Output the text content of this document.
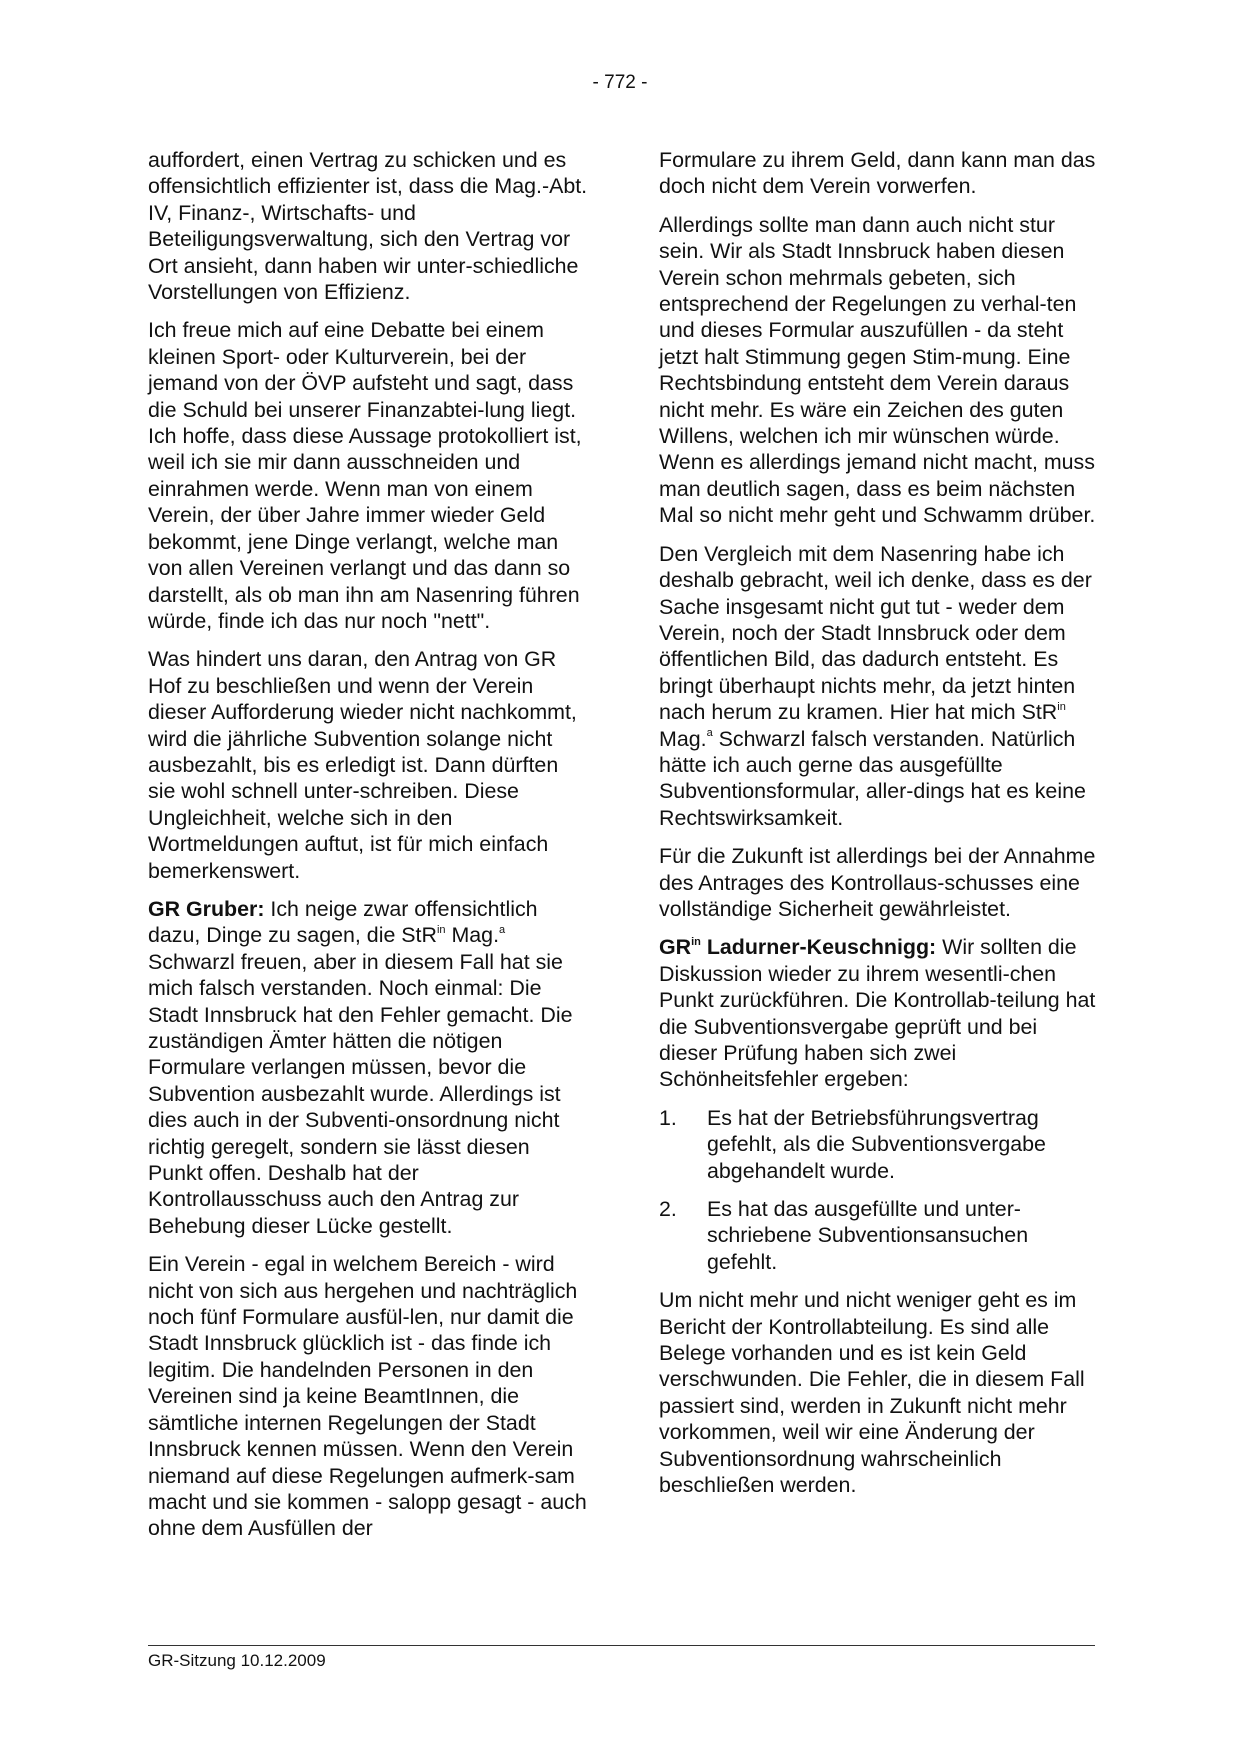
- 772 -

auffordert, einen Vertrag zu schicken und es offensichtlich effizienter ist, dass die Mag.-Abt. IV, Finanz-, Wirtschafts- und Beteiligungsverwaltung, sich den Vertrag vor Ort ansieht, dann haben wir unter-schiedliche Vorstellungen von Effizienz.

Ich freue mich auf eine Debatte bei einem kleinen Sport- oder Kulturverein, bei der jemand von der ÖVP aufsteht und sagt, dass die Schuld bei unserer Finanzabtei-lung liegt. Ich hoffe, dass diese Aussage protokolliert ist, weil ich sie mir dann ausschneiden und einrahmen werde. Wenn man von einem Verein, der über Jahre immer wieder Geld bekommt, jene Dinge verlangt, welche man von allen Vereinen verlangt und das dann so darstellt, als ob man ihn am Nasenring führen würde, finde ich das nur noch "nett".

Was hindert uns daran, den Antrag von GR Hof zu beschließen und wenn der Verein dieser Aufforderung wieder nicht nachkommt, wird die jährliche Subvention solange nicht ausbezahlt, bis es erledigt ist. Dann dürften sie wohl schnell unter-schreiben. Diese Ungleichheit, welche sich in den Wortmeldungen auftut, ist für mich einfach bemerkenswert.

GR Gruber: Ich neige zwar offensichtlich dazu, Dinge zu sagen, die StR$^{in}$ Mag.$^a$ Schwarzl freuen, aber in diesem Fall hat sie mich falsch verstanden. Noch einmal: Die Stadt Innsbruck hat den Fehler gemacht. Die zuständigen Ämter hätten die nötigen Formulare verlangen müssen, bevor die Subvention ausbezahlt wurde. Allerdings ist dies auch in der Subventi-onsordnung nicht richtig geregelt, sondern sie lässt diesen Punkt offen. Deshalb hat der Kontrollausschuss auch den Antrag zur Behebung dieser Lücke gestellt.

Ein Verein - egal in welchem Bereich - wird nicht von sich aus hergehen und nachträglich noch fünf Formulare ausfül-len, nur damit die Stadt Innsbruck glücklich ist - das finde ich legitim. Die handelnden Personen in den Vereinen sind ja keine BeamtInnen, die sämtliche internen Regelungen der Stadt Innsbruck kennen müssen. Wenn den Verein niemand auf diese Regelungen aufmerk-sam macht und sie kommen - salopp gesagt - auch ohne dem Ausfüllen der

Formulare zu ihrem Geld, dann kann man das doch nicht dem Verein vorwerfen.

Allerdings sollte man dann auch nicht stur sein. Wir als Stadt Innsbruck haben diesen Verein schon mehrmals gebeten, sich entsprechend der Regelungen zu verhal-ten und dieses Formular auszufüllen - da steht jetzt halt Stimmung gegen Stim-mung. Eine Rechtsbindung entsteht dem Verein daraus nicht mehr. Es wäre ein Zeichen des guten Willens, welchen ich mir wünschen würde. Wenn es allerdings jemand nicht macht, muss man deutlich sagen, dass es beim nächsten Mal so nicht mehr geht und Schwamm drüber.

Den Vergleich mit dem Nasenring habe ich deshalb gebracht, weil ich denke, dass es der Sache insgesamt nicht gut tut - weder dem Verein, noch der Stadt Innsbruck oder dem öffentlichen Bild, das dadurch entsteht. Es bringt überhaupt nichts mehr, da jetzt hinten nach herum zu kramen. Hier hat mich StR$^{in}$ Mag.$^a$ Schwarzl falsch verstanden. Natürlich hätte ich auch gerne das ausgefüllte Subventionsformular, aller-dings hat es keine Rechtswirksamkeit.

Für die Zukunft ist allerdings bei der Annahme des Antrages des Kontrollaus-schusses eine vollständige Sicherheit gewährleistet.

$GR^{in}$ Ladurner-Keuschnigg: Wir sollten die Diskussion wieder zu ihrem wesentli-chen Punkt zurückführen. Die Kontrollab-teilung hat die Subventionsvergabe geprüft und bei dieser Prüfung haben sich zwei Schönheitsfehler ergeben:

1.	Es hat der Betriebsführungsvertrag gefehlt, als die Subventionsvergabe abgehandelt wurde.
2.	Es hat das ausgefüllte und unter-schriebene Subventionsansuchen gefehlt.

Um nicht mehr und nicht weniger geht es im Bericht der Kontrollabteilung. Es sind alle Belege vorhanden und es ist kein Geld verschwunden. Die Fehler, die in diesem Fall passiert sind, werden in Zukunft nicht mehr vorkommen, weil wir eine Änderung der Subventionsordnung wahrscheinlich beschließen werden.

GR-Sitzung 10.12.2009
